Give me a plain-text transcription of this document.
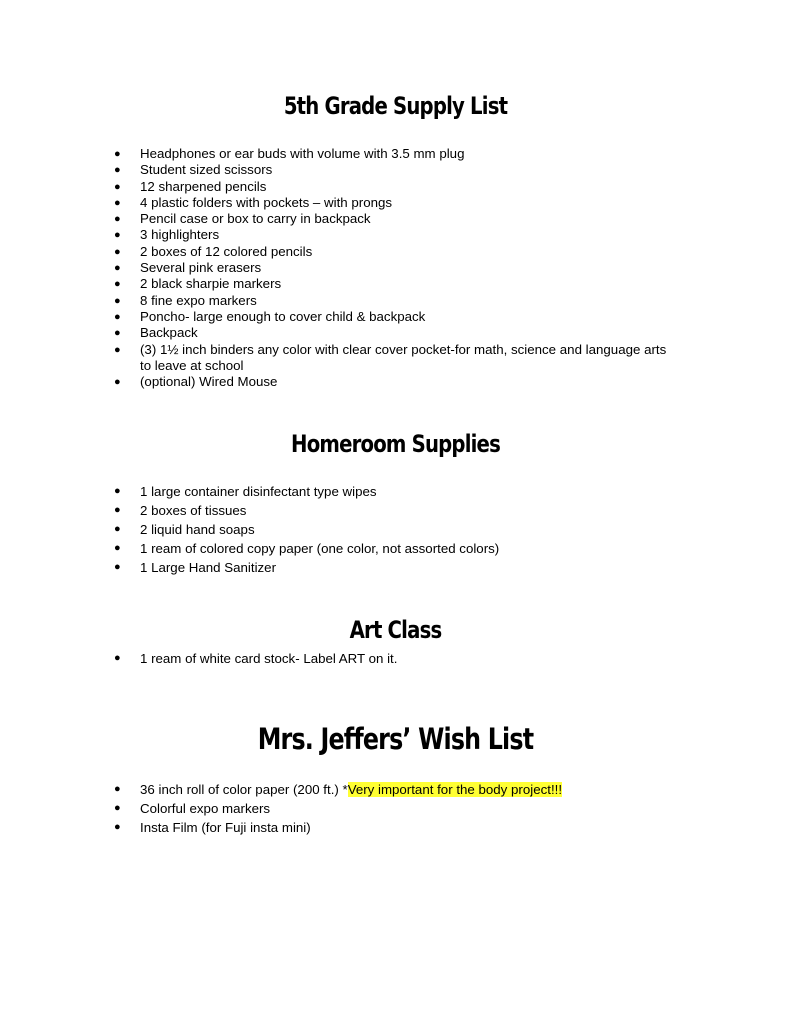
5th Grade Supply List
● Headphones or ear buds with volume with 3.5 mm plug
● Student sized scissors
● 12 sharpened pencils
● 4 plastic folders with pockets – with prongs
● Pencil case or box to carry in backpack
● 3 highlighters
● 2 boxes of 12 colored pencils
● Several pink erasers
● 2 black sharpie markers
● 8 fine expo markers
● Poncho- large enough to cover child & backpack
● Backpack
● (3) 1½ inch binders any color with clear cover pocket-for math, science and language arts to leave at school
● (optional) Wired Mouse
Homeroom Supplies
● 1 large container disinfectant type wipes
● 2 boxes of tissues
● 2 liquid hand soaps
● 1 ream of colored copy paper (one color, not assorted colors)
● 1 Large Hand Sanitizer
Art Class
● 1 ream of white card stock- Label ART on it.
Mrs. Jeffers’ Wish List
● 36 inch roll of color paper (200 ft.) *Very important for the body project!!!
● Colorful expo markers
● Insta Film (for Fuji insta mini)
